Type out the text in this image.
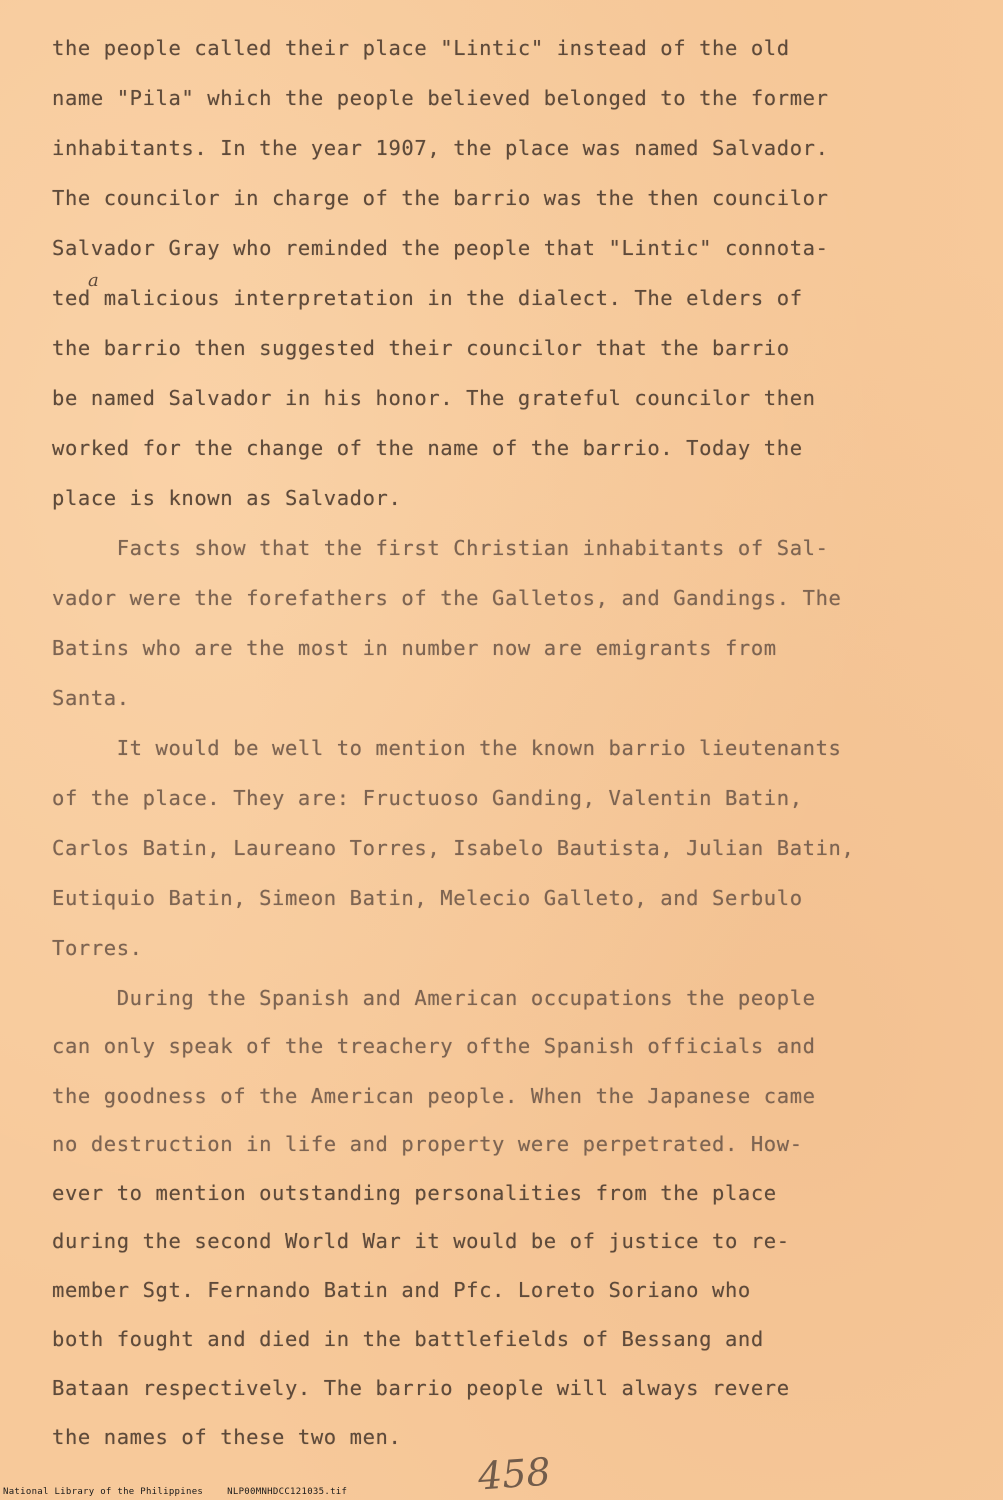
the people called their place "Lintic" instead of the old
name "Pila" which the people believed belonged to the former
inhabitants. In the year 1907, the place was named Salvador.
The councilor in charge of the barrio was the then councilor
Salvador Gray who reminded the people that "Lintic" connota-
ted malicious interpretation in the dialect. The elders of
a
the barrio then suggested their councilor that the barrio
be named Salvador in his honor. The grateful councilor then
worked for the change of the name of the barrio. Today the
place is known as Salvador.
Facts show that the first Christian inhabitants of Sal-
vador were the forefathers of the Galletos, and Gandings. The
Batins who are the most in number now are emigrants from
Santa.
It would be well to mention the known barrio lieutenants
of the place. They are: Fructuoso Ganding, Valentin Batin,
Carlos Batin, Laureano Torres, Isabelo Bautista, Julian Batin,
Eutiquio Batin, Simeon Batin, Melecio Galleto, and Serbulo
Torres.
During the Spanish and American occupations the people
can only speak of the treachery ofthe Spanish officials and
the goodness of the American people. When the Japanese came
no destruction in life and property were perpetrated. How-
ever to mention outstanding personalities from the place
during the second World War it would be of justice to re-
member Sgt. Fernando Batin and Pfc. Loreto Soriano who
both fought and died in the battlefields of Bessang and
Bataan respectively. The barrio people will always revere
the names of these two men.
458
National Library of the Philippines	NLP00MNHDCC121035.tif
